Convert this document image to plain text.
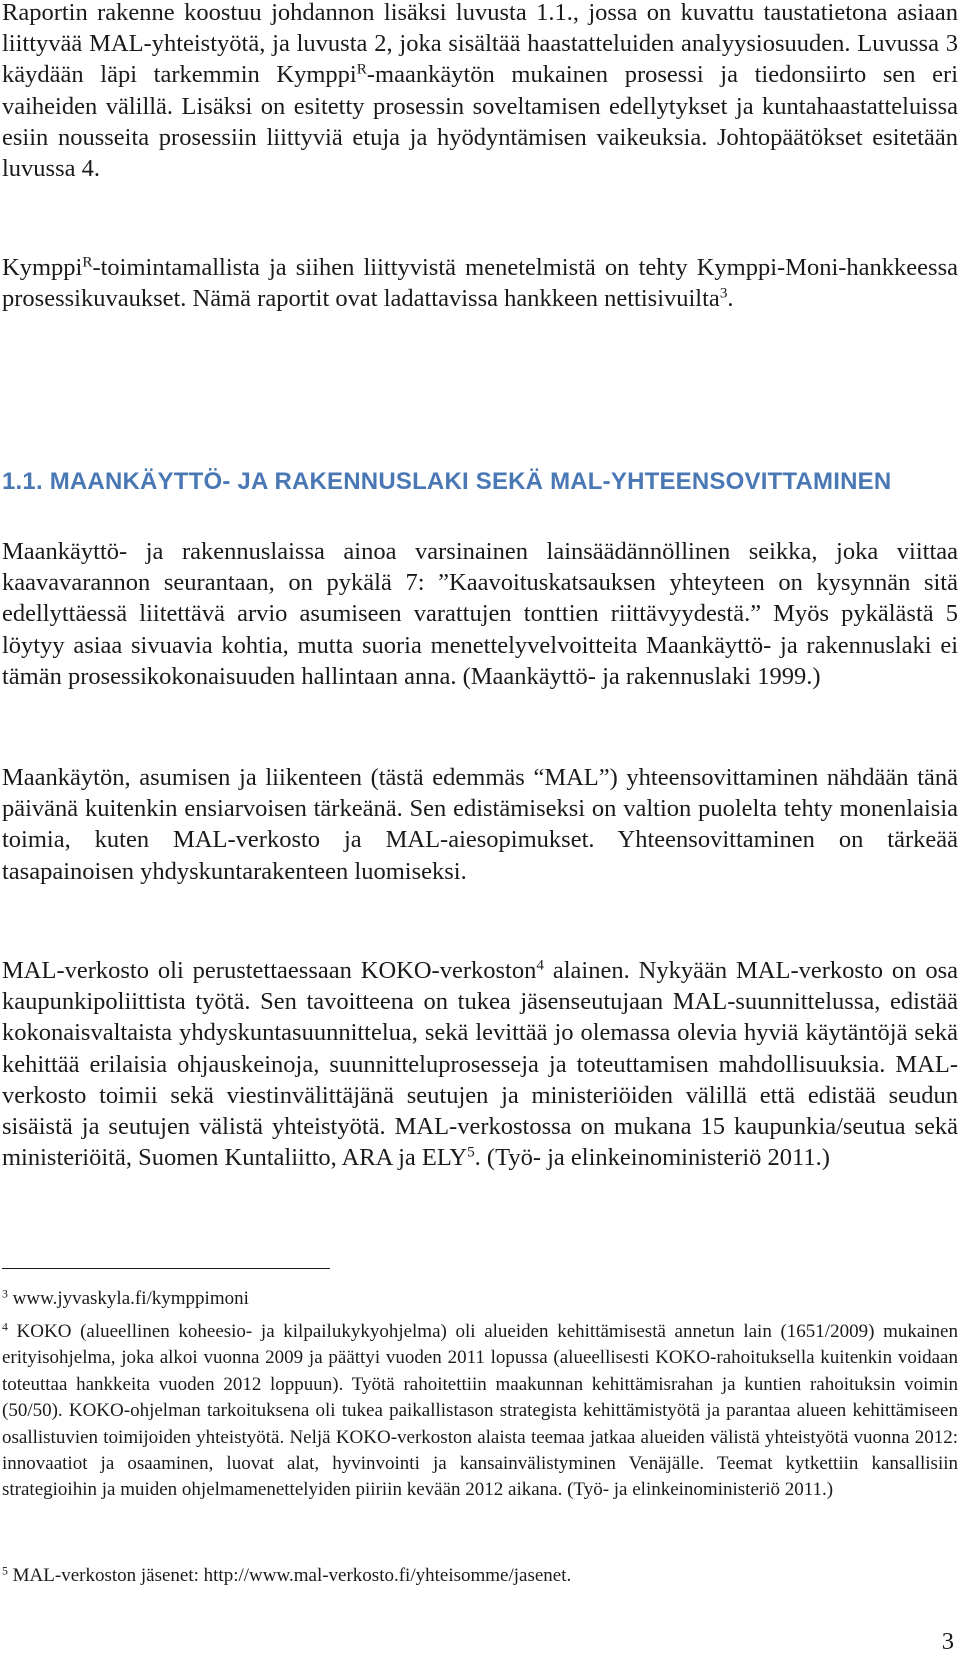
Raportin rakenne koostuu johdannon lisäksi luvusta 1.1., jossa on kuvattu taustatietona asiaan liittyvää MAL-yhteistyötä, ja luvusta 2, joka sisältää haastatteluiden analyysiosuuden. Luvussa 3 käydään läpi tarkemmin Kymppi$^R$-maankäytön mukainen prosessi ja tiedonsiirto sen eri vaiheiden välillä. Lisäksi on esitetty prosessin soveltamisen edellytykset ja kuntahaastatteluissa esiin nousseita prosessiin liittyviä etuja ja hyödyntämisen vaikeuksia. Johtopäätökset esitetään luvussa 4.

Kymppi$^R$-toimintamallista ja siihen liittyvistä menetelmistä on tehty Kymppi-Moni-hankkeessa prosessikuvaukset. Nämä raportit ovat ladattavissa hankkeen nettisivuilta$^3$.

1.1. MAANKÄYTTÖ- JA RAKENNUSLAKI SEKÄ MAL-YHTEENSOVITTAMINEN

Maankäyttö- ja rakennuslaissa ainoa varsinainen lainsäädännöllinen seikka, joka viittaa kaavavarannon seurantaan, on pykälä 7: ”Kaavoituskatsauksen yhteyteen on kysynnän sitä edellyttäessä liitettävä arvio asumiseen varattujen tonttien riittävyydestä.” Myös pykälästä 5 löytyy asiaa sivuavia kohtia, mutta suoria menettelyvelvoitteita Maankäyttö- ja rakennuslaki ei tämän prosessikokonaisuuden hallintaan anna. (Maankäyttö- ja rakennuslaki 1999.)

Maankäytön, asumisen ja liikenteen (tästä edemmäs “MAL”) yhteensovittaminen nähdään tänä päivänä kuitenkin ensiarvoisen tärkeänä. Sen edistämiseksi on valtion puolelta tehty monenlaisia toimia, kuten MAL-verkosto ja MAL-aiesopimukset. Yhteensovittaminen on tärkeää tasapainoisen yhdyskuntarakenteen luomiseksi.

MAL-verkosto oli perustettaessaan KOKO-verkoston$^4$ alainen. Nykyään MAL-verkosto on osa kaupunkipoliittista työtä. Sen tavoitteena on tukea jäsenseutujaan MAL-suunnittelussa, edistää kokonaisvaltaista yhdyskuntasuunnittelua, sekä levittää jo olemassa olevia hyviä käytäntöjä sekä kehittää erilaisia ohjauskeinoja, suunnitteluprosesseja ja toteuttamisen mahdollisuuksia. MAL-verkosto toimii sekä viestinvälittäjänä seutujen ja ministeriöiden välillä että edistää seudun sisäistä ja seutujen välistä yhteistyötä. MAL-verkostossa on mukana 15 kaupunkia/seutua sekä ministeriöitä, Suomen Kuntaliitto, ARA ja ELY$^5$. (Työ- ja elinkeinoministeriö 2011.)

$^3$ www.jyvaskyla.fi/kymppimoni

$^4$ KOKO (alueellinen koheesio- ja kilpailukykyohjelma) oli alueiden kehittämisestä annetun lain (1651/2009) mukainen erityisohjelma, joka alkoi vuonna 2009 ja päättyi vuoden 2011 lopussa (alueellisesti KOKO-rahoituksella kuitenkin voidaan toteuttaa hankkeita vuoden 2012 loppuun). Työtä rahoitettiin maakunnan kehittämisrahan ja kuntien rahoituksin voimin (50/50). KOKO-ohjelman tarkoituksena oli tukea paikallistason strategista kehittämistyötä ja parantaa alueen kehittämiseen osallistuvien toimijoiden yhteistyötä. Neljä KOKO-verkoston alaista teemaa jatkaa alueiden välistä yhteistyötä vuonna 2012: innovaatiot ja osaaminen, luovat alat, hyvinvointi ja kansainvälistyminen Venäjälle. Teemat kytkettiin kansallisiin strategioihin ja muiden ohjelmamenettelyiden piiriin kevään 2012 aikana. (Työ- ja elinkeinoministeriö 2011.)

$^5$ MAL-verkoston jäsenet: http://www.mal-verkosto.fi/yhteisomme/jasenet.

3
